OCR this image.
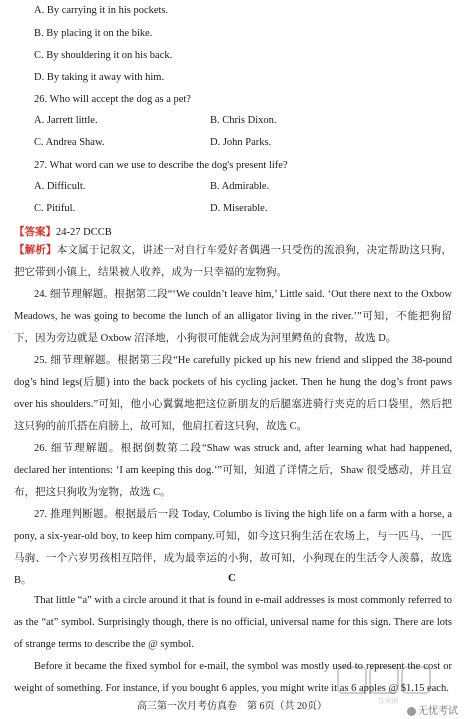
A. By carrying it in his pockets.
B. By placing it on the bike.
C. By shouldering it on his back.
D. By taking it away with him.
26. Who will accept the dog as a pet?
A. Jarrett little.	B. Chris Dixon.
C. Andrea Shaw.	D. John Parks.
27. What word can we use to describe the dog's present life?
A. Difficult.	B. Admirable.
C. Pitiful.	D. Miserable.
【答案】24-27 DCCB
【解析】本文属于记叙文，讲述一对自行车爱好者偶遇一只受伤的流浪狗，决定帮助这只狗，把它带到小镇上，结果被人收养，成为一只幸福的宠物狗。
24. 细节理解题。根据第二段“‘We couldn’t leave him,’ Little said. ‘Out there next to the Oxbow Meadows, he was going to become the lunch of an alligator living in the river.’”可知，不能把狗留下，因为旁边就是 Oxbow 沼泽地，小狗很可能就会成为河里鳄鱼的食物，故选 D。
25. 细节理解题。根据第三段“He carefully picked up his new friend and slipped the 38-pound dog’s hind legs(后腿) into the back pockets of his cycling jacket. Then he hung the dog’s front paws over his shoulders.”可知，他小心翼翼地把这位新朋友的后腿塞进骑行夹克的后口袋里，然后把这只狗的前爪搭在肩膀上，故可知，他肩扛着这只狗，故选 C。
26. 细节理解题。根据倒数第二段“Shaw was struck and, after learning what had happened, declared her intentions: ‘I am keeping this dog.’”可知，知道了详情之后，Shaw 很受感动，并且宣布，把这只狗收为宠物，故选 C。
27. 推理判断题。根据最后一段 Today, Columbo is living the high life on a farm with a horse, a pony, a six-year-old boy, to keep him company.可知，如今这只狗生活在农场上，与一匹马、一匹马驹、一个六岁男孩相互陪伴，成为最幸运的小狗，故可知，小狗现在的生活令人羡慕，故选 B。	C
That little “a” with a circle around it that is found in e-mail addresses is most commonly referred to as the “at” symbol. Surprisingly though, there is no official, universal name for this sign. There are lots of strange terms to describe the @ symbol.
Before it became the fixed symbol for e-mail, the symbol was mostly used to represent the cost or weight of something. For instance, if you bought 6 apples, you might write it as 6 apples @ $1.15 each.
高三第一次月考仿真卷　第 6页（共 20页）	答案圈
无忧考试
